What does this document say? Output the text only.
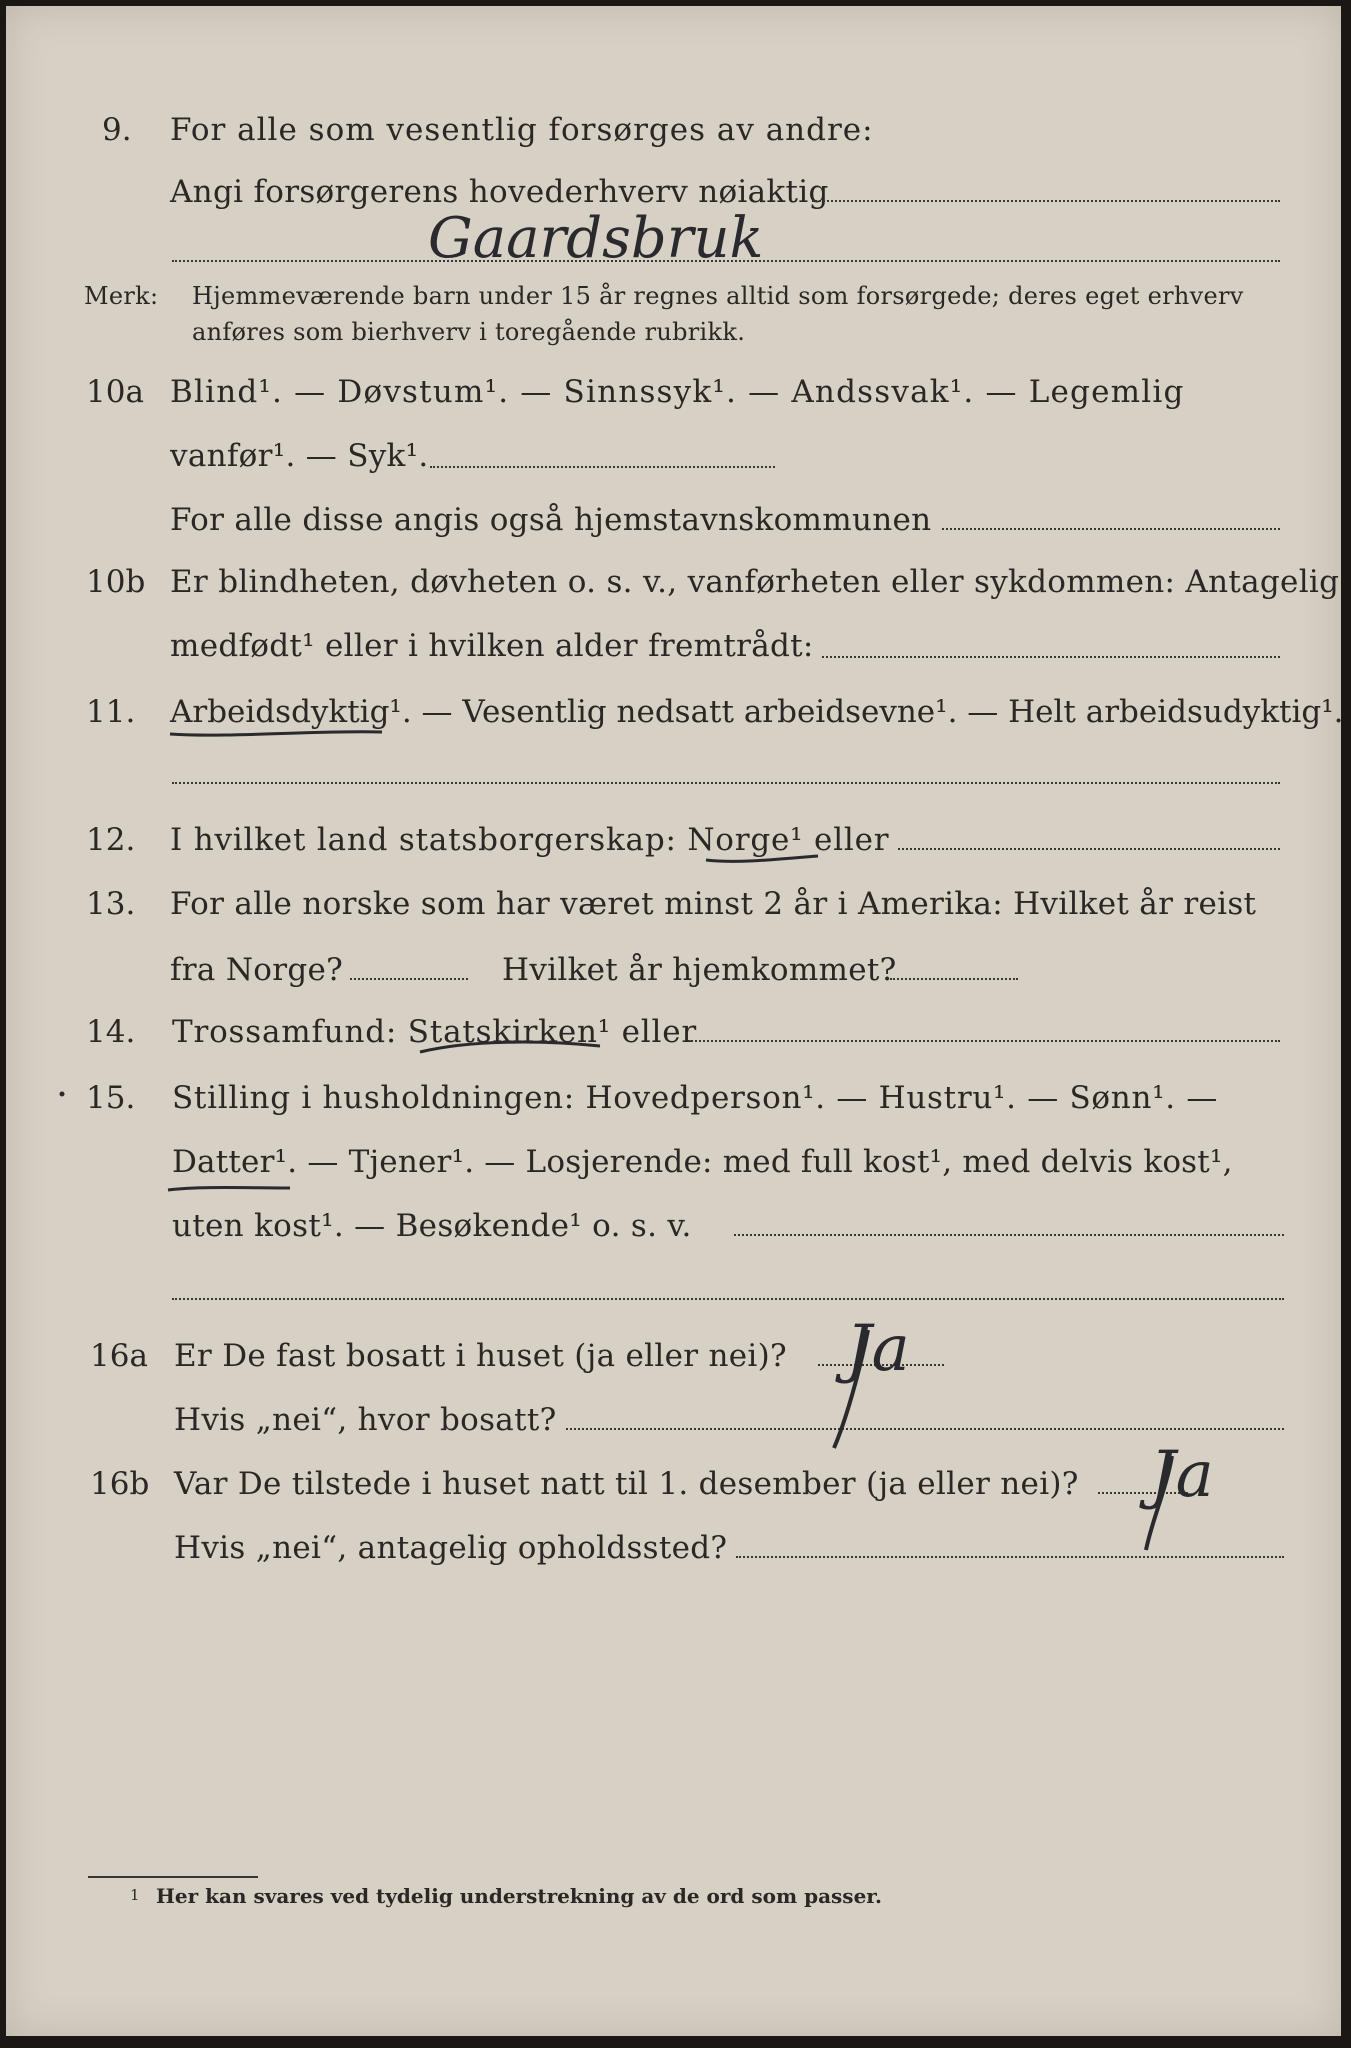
9. For alle som vesentlig forsørges av andre:
Angi forsørgerens hovederhverv nøiaktig
Gaardsbruk
Merk: Hjemmeværende barn under 15 år regnes alltid som forsørgede; deres eget erhverv
anføres som bierhverv i toregående rubrikk.
10a Blind¹. — Døvstum¹. — Sinnssyk¹. — Andssvak¹. — Legemlig
vanfør¹. — Syk¹.
For alle disse angis også hjemstavnskommunen
10b Er blindheten, døvheten o. s. v., vanførheten eller sykdommen: Antagelig
medfødt¹ eller i hvilken alder fremtrådt:
11. Arbeidsdyktig¹. — Vesentlig nedsatt arbeidsevne¹. — Helt arbeidsudyktig¹.
12. I hvilket land statsborgerskap: Norge¹ eller
13. For alle norske som har været minst 2 år i Amerika: Hvilket år reist
fra Norge?	Hvilket år hjemkommet?
14. Trossamfund: Statskirken¹ eller
15. Stilling i husholdningen: Hovedperson¹. — Hustru¹. — Sønn¹. —
Datter¹. — Tjener¹. — Losjerende: med full kost¹, med delvis kost¹,
uten kost¹. — Besøkende¹ o. s. v.
16a Er De fast bosatt i huset (ja eller nei)? Ja
Hvis „nei“, hvor bosatt?
16b Var De tilstede i huset natt til 1. desember (ja eller nei)? Ja
Hvis „nei“, antagelig opholdssted?
1 Her kan svares ved tydelig understrekning av de ord som passer.
